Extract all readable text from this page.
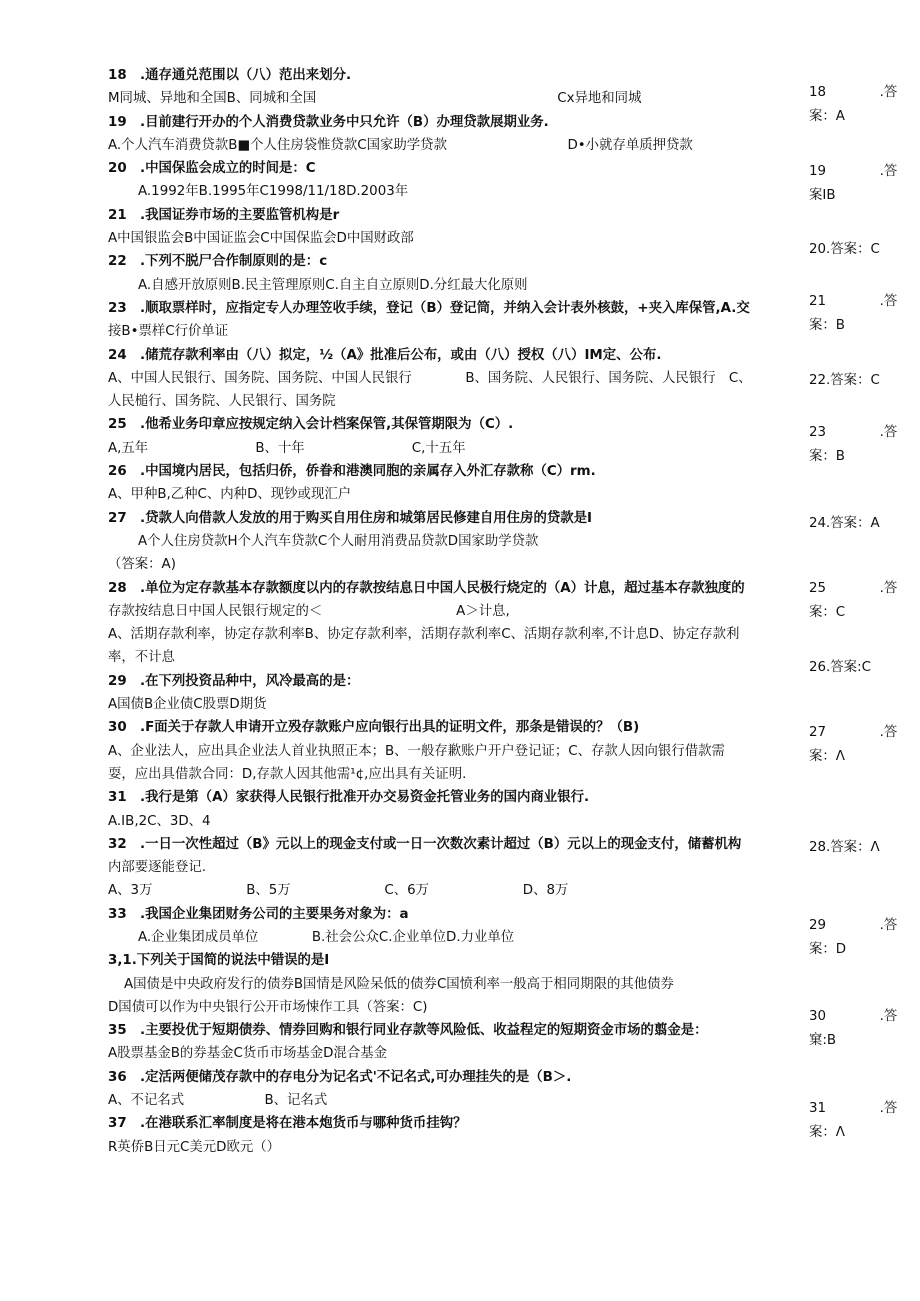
18　.通存通兑范围以（八）范出来划分.
M同城、异地和全国B、同城和全国　　　　　　　　　　　　　　　　　　Cx异地和同城
19　.目前建行开办的个人消费贷款业务中只允许（B）办理贷款展期业务.
A.个人汽车消费贷款B■个人住房袋惟贷款C国家助学贷款　　　　　　　　　D•小就存单质押贷款
20　.中国保监会成立的时间是：C
A.1992年B.1995年C1998/11/18D.2003年
21　.我国证券市场的主要监管机构是r
A中国银监会B中国证监会C中国保监会D中国财政部
22　.下列不脱尸合作制原则的是：c
A.自感开放原则B.民主管理原则C.自主自立原则D.分红最大化原则
23　.顺取票样时，应指定专人办理笠收手续，登记（B）登记筒，并纳入会计表外核鼓，+夹入库保管,A.交
接B•票样C行价单证
24　.储荒存款利率由（八）拟定，½（A》批准后公布，或由（八）授权（八）IM定、公布.
A、中国人民银行、国务院、国务院、中国人民银行　　　　B、国务院、人民银行、国务院、人民银行　C、
人民槌行、国务院、人民银行、国务院
25　.他希业务印章应按规定纳入会计档案保管,其保管期限为（C）.
A,五年　　　　　　　　B、十年　　　　　　　　C,十五年
26　.中国境内居民，包括归侨，侨眷和港澳同胞的亲属存入外汇存款称（C）rm.
A、甲种B,乙种C、内种D、现钞或现汇户
27　.贷款人向借款人发放的用于购买自用住房和城第居民修建自用住房的贷款是I
A个人住房贷款H个人汽车贷款C个人耐用消费品贷款D国家助学贷款
（答案：A)
28　.单位为定存款基本存款额度以内的存款按结息日中国人民极行烧定的（A）计息，超过基本存款独度的
存款按结息日中国人民银行规定的＜　　　　　　　　　　A＞计息,
A、活期存款利率，协定存款利率B、协定存款利率，活期存款利率C、活期存款利率,不计息D、协定存款利
率，不计息
29　.在下列投资品种中，风冷最高的是：
A国债B企业债C股票D期货
30　.F面关于存款人申请开立殁存款账户应向银行出具的证明文件，那条是错误的？（B)
A、企业法人，应出具企业法人首业执照正本；B、一般存歉账户开户登记证；C、存款人因向银行借款需
耍，应出具借款合同：D,存款人因其他需¹¢,应出具有关证明.
31　.我行是第（A）家获得人民银行批准开办交易资金托管业务的国内商业银行.
A.IB,2C、3D、4
32　.一日一次性超过（B》元以上的现金支付或一日一次数次素计超过（B）元以上的现金支付，储蓄机构
内部要逐能登记.
A、3万　　　　　　　B、5万　　　　　　　C、6万　　　　　　　D、8万
33　.我国企业集团财务公司的主要果务对象为：a
A.企业集团成员单位　　　　B.社会公众C.企业单位D.力业单位
3,1.下列关于国简的说法中错误的是I
A国债是中央政府发行的债券B国情是风险呆低的债券C国愤利率一般高于相同期限的其他债券
D国债可以作为中央银行公开市场悚作工具（答案：C)
35　.主要投优于短期债券、情券回购和银行同业存款等风险低、收益程定的短期资金市场的翦金是：
A股票基金B的券基金C货币市场基金D混合基金
36　.定活两便储茂存款中的存电分为记名式'不记名式,可办理挂失的是（B＞.
A、不记名式　　　　　　B、记名式
37　.在港联系汇率制度是将在港本炮货币与哪种货币挂钩？
R英侨B日元C美元D欧元（）
18　　　　.答
案：A
19　　　　.答
案IB
20.答案：C
21　　　　.答
案：B
22.答案：C
23　　　　.答
案：B
24.答案：A
25　　　　.答
案：C
26.答案:C
27　　　　.答
案：Λ
28.答案：Λ
29　　　　.答
案：D
30　　　　.答
窠:B
31　　　　.答
案：Λ
